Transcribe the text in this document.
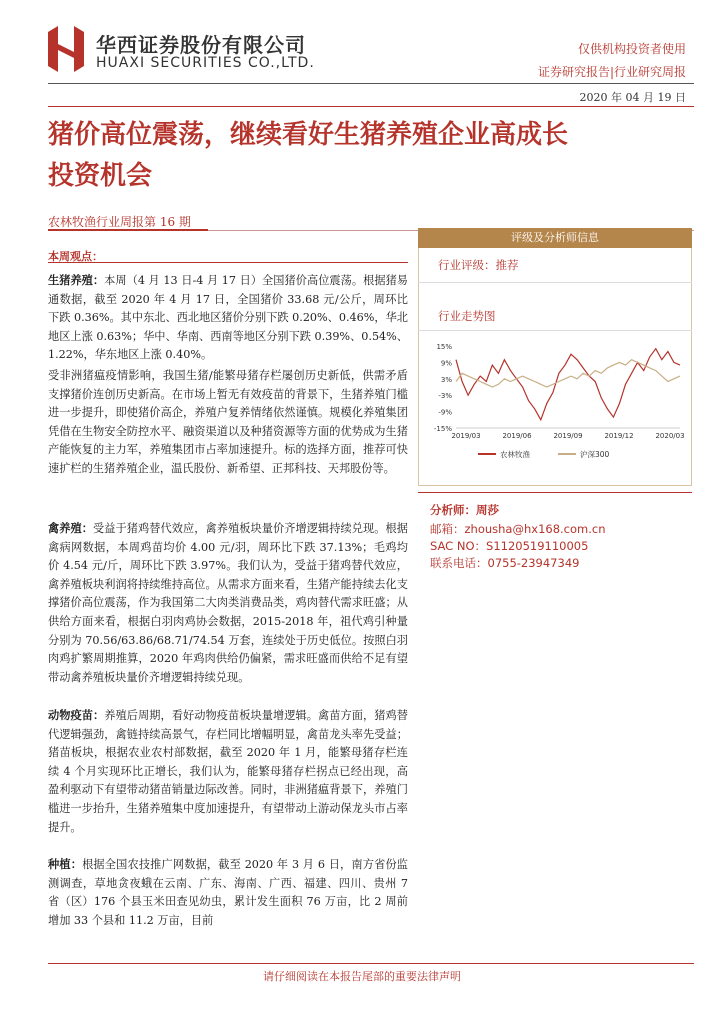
华西证券股份有限公司
HUAXI SECURITIES CO.,LTD.
仅供机构投资者使用
证券研究报告|行业研究周报
2020 年 04 月 19 日
猪价高位震荡，继续看好生猪养殖企业高成长
投资机会
农林牧渔行业周报第 16 期
本周观点：
生猪养殖：本周（4 月 13 日-4 月 17 日）全国猪价高位震荡。根据猪易通数据，截至 2020 年 4 月 17 日，全国猪价 33.68 元/公斤，周环比下跌 0.36%。其中东北、西北地区猪价分别下跌 0.20%、0.46%，华北地区上涨 0.63%；华中、华南、西南等地区分别下跌 0.39%、0.54%、1.22%，华东地区上涨 0.40%。
受非洲猪瘟疫情影响，我国生猪/能繁母猪存栏屡创历史新低，供需矛盾支撑猪价连创历史新高。在市场上暂无有效疫苗的背景下，生猪养殖门槛进一步提升，即使猪价高企，养殖户复养情绪依然谨慎。规模化养殖集团凭借在生物安全防控水平、融资渠道以及种猪资源等方面的优势成为生猪产能恢复的主力军，养殖集团市占率加速提升。标的选择方面，推荐可快速扩栏的生猪养殖企业，温氏股份、新希望、正邦科技、天邦股份等。
禽养殖：受益于猪鸡替代效应，禽养殖板块量价齐增逻辑持续兑现。根据禽病网数据，本周鸡苗均价 4.00 元/羽，周环比下跌 37.13%；毛鸡均价 4.54 元/斤，周环比下跌 3.97%。我们认为，受益于猪鸡替代效应，禽养殖板块利润将持续维持高位。从需求方面来看，生猪产能持续去化支撑猪价高位震荡，作为我国第二大肉类消费品类，鸡肉替代需求旺盛；从供给方面来看，根据白羽肉鸡协会数据，2015-2018 年，祖代鸡引种量分别为 70.56/63.86/68.71/74.54 万套，连续处于历史低位。按照白羽肉鸡扩繁周期推算，2020 年鸡肉供给仍偏紧，需求旺盛而供给不足有望带动禽养殖板块量价齐增逻辑持续兑现。
动物疫苗：养殖后周期，看好动物疫苗板块量增逻辑。禽苗方面，猪鸡替代逻辑强劲，禽链持续高景气，存栏同比增幅明显，禽苗龙头率先受益；猪苗板块，根据农业农村部数据，截至 2020 年 1 月，能繁母猪存栏连续 4 个月实现环比正增长，我们认为，能繁母猪存栏拐点已经出现，高盈利驱动下有望带动猪苗销量边际改善。同时，非洲猪瘟背景下，养殖门槛进一步抬升，生猪养殖集中度加速提升，有望带动上游动保龙头市占率提升。
种植：根据全国农技推广网数据，截至 2020 年 3 月 6 日，南方省份监测调查，草地贪夜蛾在云南、广东、海南、广西、福建、四川、贵州 7 省（区）176 个县玉米田查见幼虫，累计发生面积 76 万亩，比 2 周前增加 33 个县和 11.2 万亩，目前
评级及分析师信息
行业评级：推荐
行业走势图
15%
9%
3%
-3%
-9%
-15%
2019/03	2019/06	2019/09	2019/12	2020/03
农林牧渔	沪深300
分析师：周莎
邮箱：zhousha@hx168.com.cn
SAC NO：S1120519110005
联系电话：0755-23947349
请仔细阅读在本报告尾部的重要法律声明
